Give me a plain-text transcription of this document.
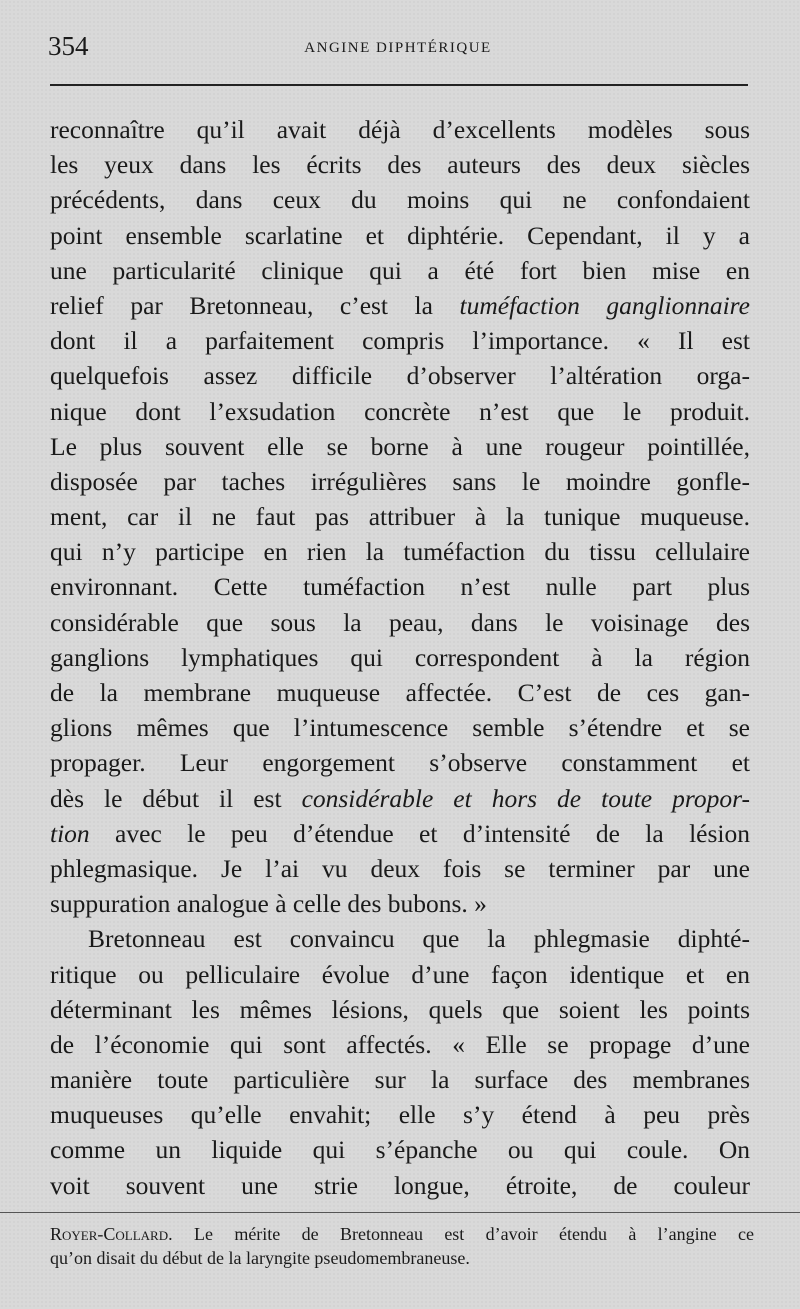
354	ANGINE DIPHTÉRIQUE
reconnaître qu’il avait déjà d’excellents modèles sous
les yeux dans les écrits des auteurs des deux siècles
précédents, dans ceux du moins qui ne confondaient
point ensemble scarlatine et diphtérie. Cependant, il y a
une particularité clinique qui a été fort bien mise en
relief par Bretonneau, c’est la tuméfaction ganglionnaire
dont il a parfaitement compris l’importance. « Il est
quelquefois assez difficile d’observer l’altération orga-
nique dont l’exsudation concrète n’est que le produit.
Le plus souvent elle se borne à une rougeur pointillée,
disposée par taches irrégulières sans le moindre gonfle-
ment, car il ne faut pas attribuer à la tunique muqueuse.
qui n’y participe en rien la tuméfaction du tissu cellulaire
environnant. Cette tuméfaction n’est nulle part plus
considérable que sous la peau, dans le voisinage des
ganglions lymphatiques qui correspondent à la région
de la membrane muqueuse affectée. C’est de ces gan-
glions mêmes que l’intumescence semble s’étendre et se
propager. Leur engorgement s’observe constamment et
dès le début il est considérable et hors de toute propor-
tion avec le peu d’étendue et d’intensité de la lésion
phlegmasique. Je l’ai vu deux fois se terminer par une
suppuration analogue à celle des bubons. »
Bretonneau est convaincu que la phlegmasie diphté-
ritique ou pelliculaire évolue d’une façon identique et en
déterminant les mêmes lésions, quels que soient les points
de l’économie qui sont affectés. « Elle se propage d’une
manière toute particulière sur la surface des membranes
muqueuses qu’elle envahit; elle s’y étend à peu près
comme un liquide qui s’épanche ou qui coule. On
voit souvent une strie longue, étroite, de couleur
Royer-Collard. Le mérite de Bretonneau est d’avoir étendu à l’angine ce
qu’on disait du début de la laryngite pseudomembraneuse.
